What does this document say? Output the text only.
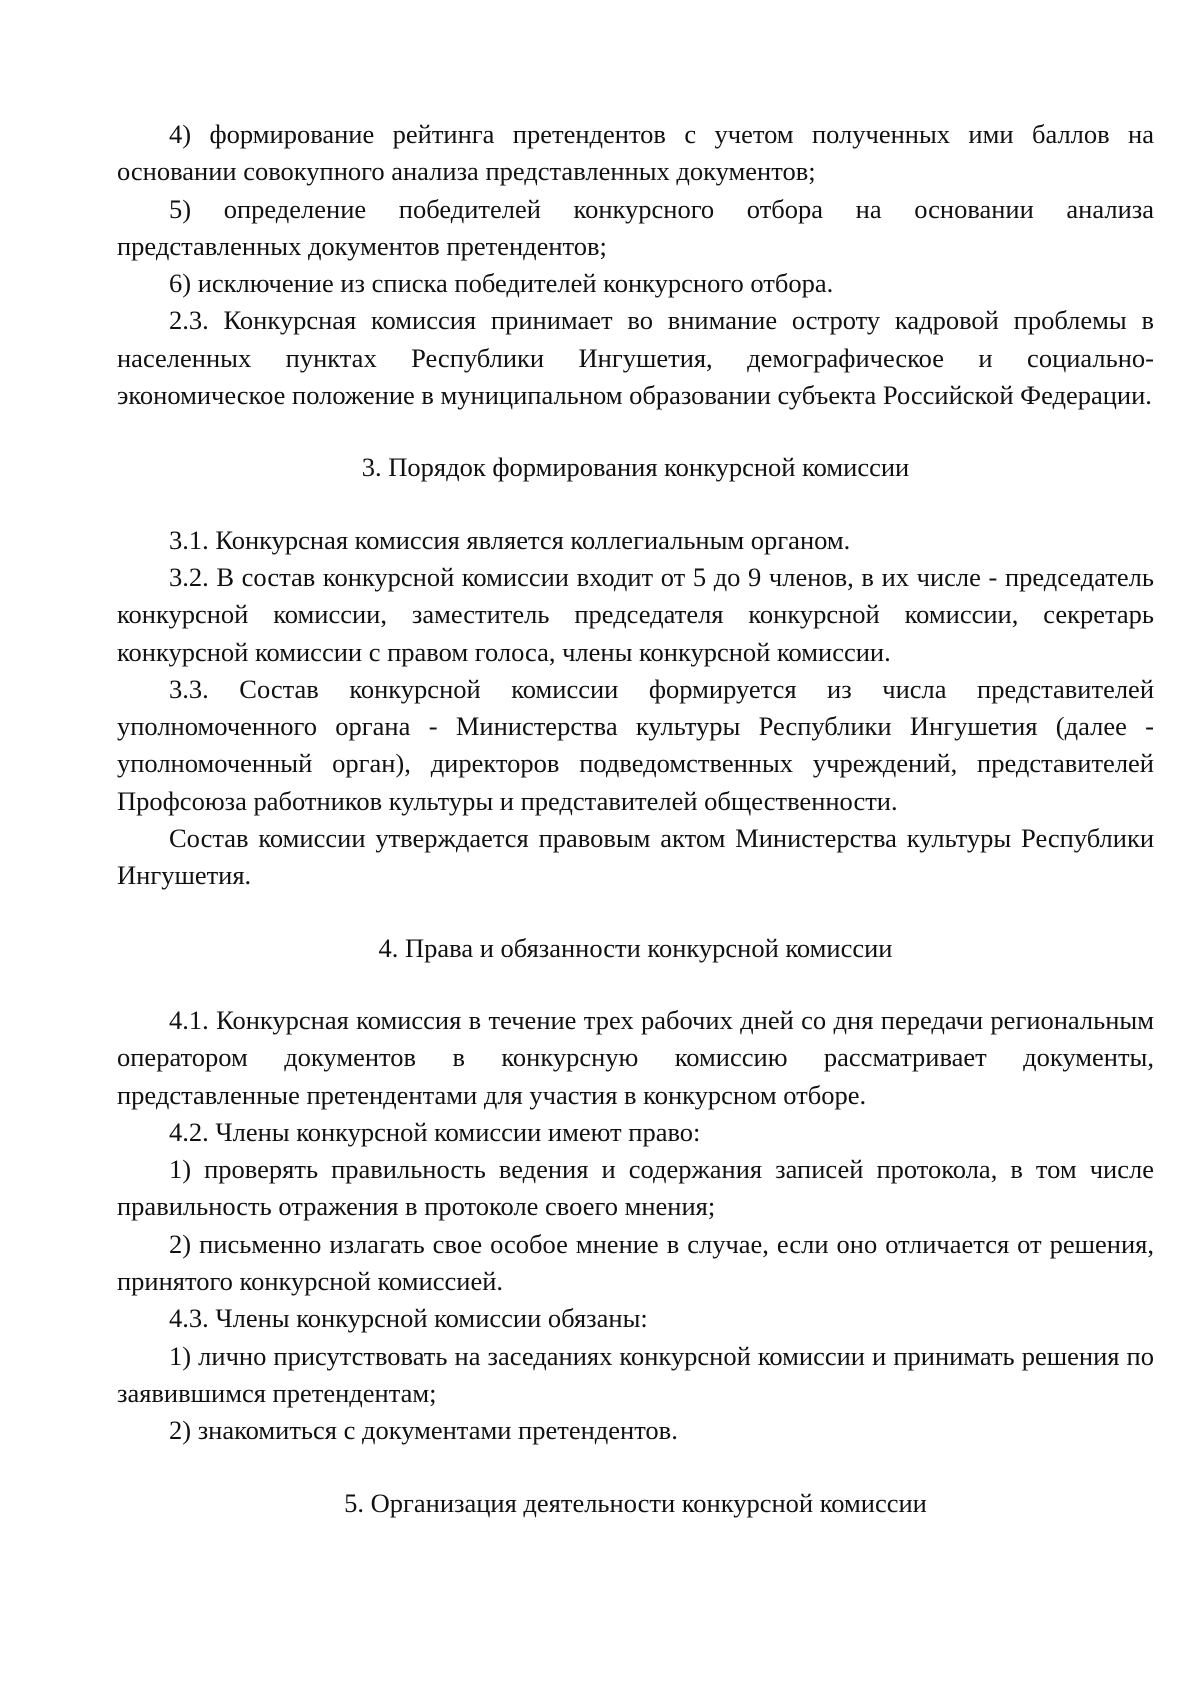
4) формирование рейтинга претендентов с учетом полученных ими баллов на основании совокупного анализа представленных документов;

5) определение победителей конкурсного отбора на основании анализа представленных документов претендентов;

6) исключение из списка победителей конкурсного отбора.

2.3. Конкурсная комиссия принимает во внимание остроту кадровой проблемы в населенных пунктах Республики Ингушетия, демографическое и социально-экономическое положение в муниципальном образовании субъекта Российской Федерации.

3. Порядок формирования конкурсной комиссии

3.1. Конкурсная комиссия является коллегиальным органом.

3.2. В состав конкурсной комиссии входит от 5 до 9 членов, в их числе - председатель конкурсной комиссии, заместитель председателя конкурсной комиссии, секретарь конкурсной комиссии с правом голоса, члены конкурсной комиссии.

3.3. Состав конкурсной комиссии формируется из числа представителей уполномоченного органа - Министерства культуры Республики Ингушетия (далее - уполномоченный орган), директоров подведомственных учреждений, представителей Профсоюза работников культуры и представителей общественности.

Состав комиссии утверждается правовым актом Министерства культуры Республики Ингушетия.

4. Права и обязанности конкурсной комиссии

4.1. Конкурсная комиссия в течение трех рабочих дней со дня передачи региональным оператором документов в конкурсную комиссию рассматривает документы, представленные претендентами для участия в конкурсном отборе.

4.2. Члены конкурсной комиссии имеют право:

1) проверять правильность ведения и содержания записей протокола, в том числе правильность отражения в протоколе своего мнения;

2) письменно излагать свое особое мнение в случае, если оно отличается от решения, принятого конкурсной комиссией.

4.3. Члены конкурсной комиссии обязаны:

1) лично присутствовать на заседаниях конкурсной комиссии и принимать решения по заявившимся претендентам;

2) знакомиться с документами претендентов.

5. Организация деятельности конкурсной комиссии
